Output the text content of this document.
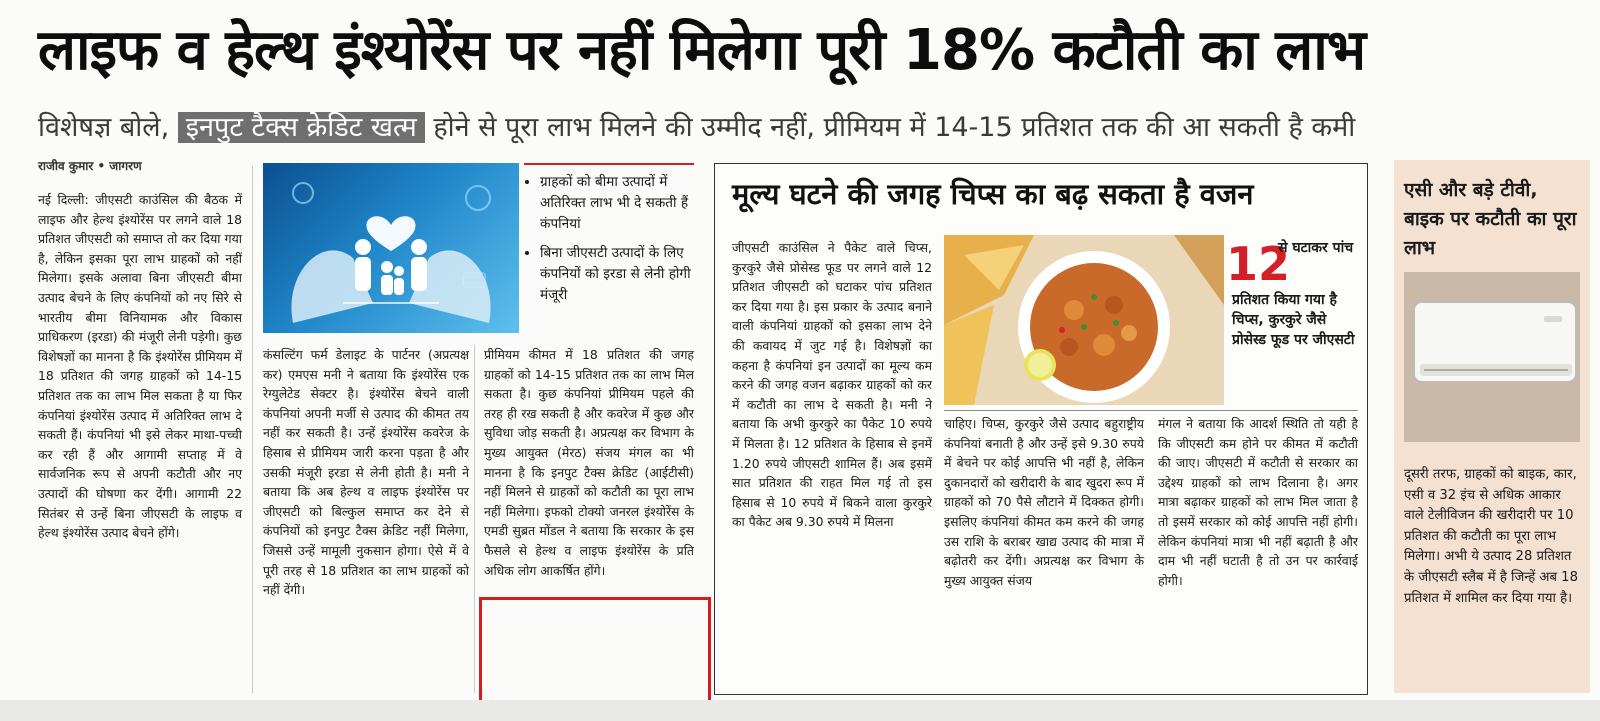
लाइफ व हेल्थ इंश्योरेंस पर नहीं मिलेगा पूरी 18% कटौती का लाभ
विशेषज्ञ बोले, इनपुट टैक्स क्रेडिट खत्म होने से पूरा लाभ मिलने की उम्मीद नहीं, प्रीमियम में 14-15 प्रतिशत तक की आ सकती है कमी
राजीव कुमार • जागरण
नई दिल्ली: जीएसटी काउंसिल की बैठक में लाइफ और हेल्थ इंश्योरेंस पर लगने वाले 18 प्रतिशत जीएसटी को समाप्त तो कर दिया गया है, लेकिन इसका पूरा लाभ ग्राहकों को नहीं मिलेगा। इसके अलावा बिना जीएसटी बीमा उत्पाद बेचने के लिए कंपनियों को नए सिरे से भारतीय बीमा विनियामक और विकास प्राधिकरण (इरडा) की मंजूरी लेनी पड़ेगी। कुछ विशेषज्ञों का मानना है कि इंश्योरेंस प्रीमियम में 18 प्रतिशत की जगह ग्राहकों को 14-15 प्रतिशत तक का लाभ मिल सकता है या फिर कंपनियां इंश्योरेंस उत्पाद में अतिरिक्त लाभ दे सकती हैं। कंपनियां भी इसे लेकर माथा-पच्ची कर रही हैं और आगामी सप्ताह में वे सार्वजनिक रूप से अपनी कटौती और नए उत्पादों की घोषणा कर देंगी। आगामी 22 सितंबर से उन्हें बिना जीएसटी के लाइफ व हेल्थ इंश्योरेंस उत्पाद बेचने होंगे।
• ग्राहकों को बीमा उत्पादों में अतिरिक्त लाभ भी दे सकती हैं कंपनियां
• बिना जीएसटी उत्पादों के लिए कंपनियों को इरडा से लेनी होगी मंजूरी
कंसल्टिंग फर्म डेलाइट के पार्टनर (अप्रत्यक्ष कर) एमएस मनी ने बताया कि इंश्योरेंस एक रेग्युलेटेड सेक्टर है। इंश्योरेंस बेचने वाली कंपनियां अपनी मर्जी से उत्पाद की कीमत तय नहीं कर सकती है। उन्हें इंश्योरेंस कवरेज के हिसाब से प्रीमियम जारी करना पड़ता है और उसकी मंजूरी इरडा से लेनी होती है। मनी ने बताया कि अब हेल्थ व लाइफ इंश्योरेंस पर जीएसटी को बिल्कुल समाप्त कर देने से कंपनियों को इनपुट टैक्स क्रेडिट नहीं मिलेगा, जिससे उन्हें मामूली नुकसान होगा। ऐसे में वे पूरी तरह से 18 प्रतिशत का लाभ ग्राहकों को नहीं देंगी।
प्रीमियम कीमत में 18 प्रतिशत की जगह ग्राहकों को 14-15 प्रतिशत तक का लाभ मिल सकता है। कुछ कंपनियां प्रीमियम पहले की तरह ही रख सकती है और कवरेज में कुछ और सुविधा जोड़ सकती है। अप्रत्यक्ष कर विभाग के मुख्य आयुक्त (मेरठ) संजय मंगल का भी मानना है कि इनपुट टैक्स क्रेडिट (आईटीसी) नहीं मिलने से ग्राहकों को कटौती का पूरा लाभ नहीं मिलेगा। इफको टोक्यो जनरल इंश्योरेंस के एमडी सुब्रत मोंडल ने बताया कि सरकार के इस फैसले से हेल्थ व लाइफ इंश्योरेंस के प्रति अधिक लोग आकर्षित होंगे।
मूल्य घटने की जगह चिप्स का बढ़ सकता है वजन
जीएसटी काउंसिल ने पैकेट वाले चिप्स, कुरकुरे जैसे प्रोसेस्ड फूड पर लगने वाले 12 प्रतिशत जीएसटी को घटाकर पांच प्रतिशत कर दिया गया है। इस प्रकार के उत्पाद बनाने वाली कंपनियां ग्राहकों को इसका लाभ देने की कवायद में जुट गई है। विशेषज्ञों का कहना है कंपनियां इन उत्पादों का मूल्य कम करने की जगह वजन बढ़ाकर ग्राहकों को कर में कटौती का लाभ दे सकती है। मनी ने बताया कि अभी कुरकुरे का पैकेट 10 रुपये में मिलता है। 12 प्रतिशत के हिसाब से इनमें 1.20 रुपये जीएसटी शामिल हैं। अब इसमें सात प्रतिशत की राहत मिल गई तो इस हिसाब से 10 रुपये में बिकने वाला कुरकुरे का पैकेट अब 9.30 रुपये में मिलना
12
से घटाकर पांच
प्रतिशत किया गया है चिप्स, कुरकुरे जैसे प्रोसेस्ड फूड पर जीएसटी
चाहिए। चिप्स, कुरकुरे जैसे उत्पाद बहुराष्ट्रीय कंपनियां बनाती है और उन्हें इसे 9.30 रुपये में बेचने पर कोई आपत्ति भी नहीं है, लेकिन दुकानदारों को खरीदारी के बाद खुदरा रूप में ग्राहकों को 70 पैसे लौटाने में दिक्कत होगी। इसलिए कंपनियां कीमत कम करने की जगह उस राशि के बराबर खाद्य उत्पाद की मात्रा में बढ़ोतरी कर देंगी। अप्रत्यक्ष कर विभाग के मुख्य आयुक्त संजय
मंगल ने बताया कि आदर्श स्थिति तो यही है कि जीएसटी कम होने पर कीमत में कटौती की जाए। जीएसटी में कटौती से सरकार का उद्देश्य ग्राहकों को लाभ दिलाना है। अगर मात्रा बढ़ाकर ग्राहकों को लाभ मिल जाता है तो इसमें सरकार को कोई आपत्ति नहीं होगी। लेकिन कंपनियां मात्रा भी नहीं बढ़ाती है और दाम भी नहीं घटाती है तो उन पर कार्रवाई होगी।
एसी और बड़े टीवी, बाइक पर कटौती का पूरा लाभ
दूसरी तरफ, ग्राहकों को बाइक, कार, एसी व 32 इंच से अधिक आकार वाले टेलीविजन की खरीदारी पर 10 प्रतिशत की कटौती का पूरा लाभ मिलेगा। अभी ये उत्पाद 28 प्रतिशत के जीएसटी स्लैब में है जिन्हें अब 18 प्रतिशत में शामिल कर दिया गया है।
